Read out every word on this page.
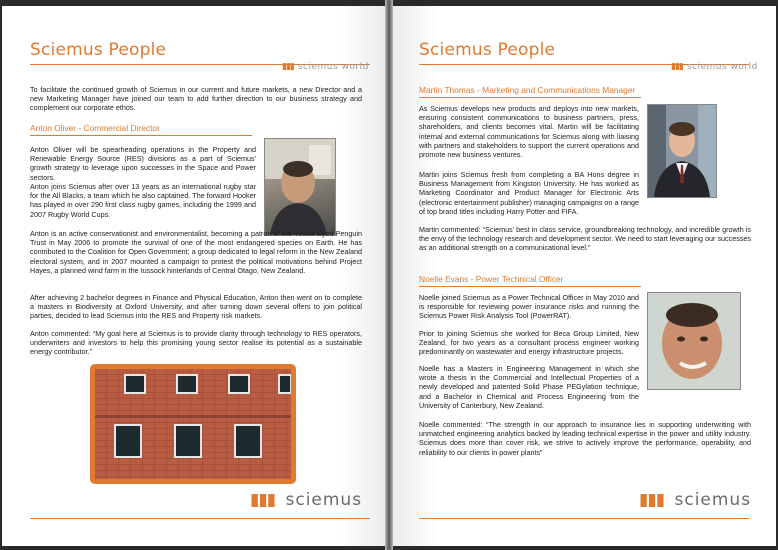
Sciemus People
▮▮▮ sciemus world
To facilitate the continued growth of Sciemus in our current and future markets, a new Director and a new Marketing Manager have joined our team to add further direction to our business strategy and complement our corporate ethos.
Anton Oliver - Commercial Director
Anton Oliver will be spearheading operations in the Property and Renewable Energy Source (RES) divisions as a part of Sciemus' growth strategy to leverage upon successes in the Space and Power sectors.
Anton joins Sciemus after over 13 years as an international rugby star for the All Blacks, a team which he also captained. The forward Hooker has played in over 290 first class rugby games, including the 1999 and 2007 Rugby World Cups.
Anton is an active conservationist and environmentalist, becoming a patron of the Yellow Eyed Penguin Trust in May 2006 to promote the survival of one of the most endangered species on Earth. He has contributed to the Coalition for Open Government; a group dedicated to legal reform in the New Zealand electoral system, and in 2007 mounted a campaign to protest the political motivations behind Project Hayes, a planned wind farm in the tussock hinterlands of Central Otago, New Zealand.
After achieving 2 bachelor degrees in Finance and Physical Education, Anton then went on to complete a masters in Biodiversity at Oxford University, and after turning down several offers to join political parties, decided to lead Sciemus into the RES and Property risk markets.
Anton commented: “My goal here at Sciemus is to provide clarity through technology to RES operators, underwriters and investors to help this promising young sector realise its potential as a sustainable energy contributor.”
▮▮▮ sciemus
Sciemus People
▮▮▮ sciemus world
Martin Thomas - Marketing and Communications Manager
As Sciemus develops new products and deploys into new markets, ensuring consistent communications to business partners, press, shareholders, and clients becomes vital. Martin will be facilitating internal and external communications for Sciemus along with liaising with partners and stakeholders to support the current operations and promote new business ventures.
Martin joins Sciemus fresh from completing a BA Hons degree in Business Management from Kingston University. He has worked as Marketing Coordinator and Product Manager for Electronic Arts (electronic entertainment publisher) managing campaigns on a range of top brand titles including Harry Potter and FIFA.
Martin commented: “Sciemus' best in class service, groundbreaking technology, and incredible growth is the envy of the technology research and development sector. We need to start leveraging our successes as an additional strength on a communicational level.”
Noelle Evans - Power Technical Officer
Noelle joined Sciemus as a Power Technical Officer in May 2010 and is responsible for reviewing power insurance risks and running the Sciemus Power Risk Analysis Tool (PowerRAT).
Prior to joining Sciemus she worked for Beca Group Limited, New Zealand, for two years as a consultant process engineer working predominantly on wastewater and energy infrastructure projects.
Noelle has a Masters in Engineering Management in which she wrote a thesis in the Commercial and Intellectual Properties of a newly developed and patented Solid Phase PEGylation technique, and a Bachelor in Chemical and Process Engineering from the University of Canterbury, New Zealand.
Noelle commented: “The strength in our approach to insurance lies in supporting underwriting with unmatched engineering analytics backed by leading technical expertise in the power and utility industry. Sciemus does more than cover risk, we strive to actively improve the performance, operability, and reliability to our clients in power plants”
▮▮▮ sciemus
